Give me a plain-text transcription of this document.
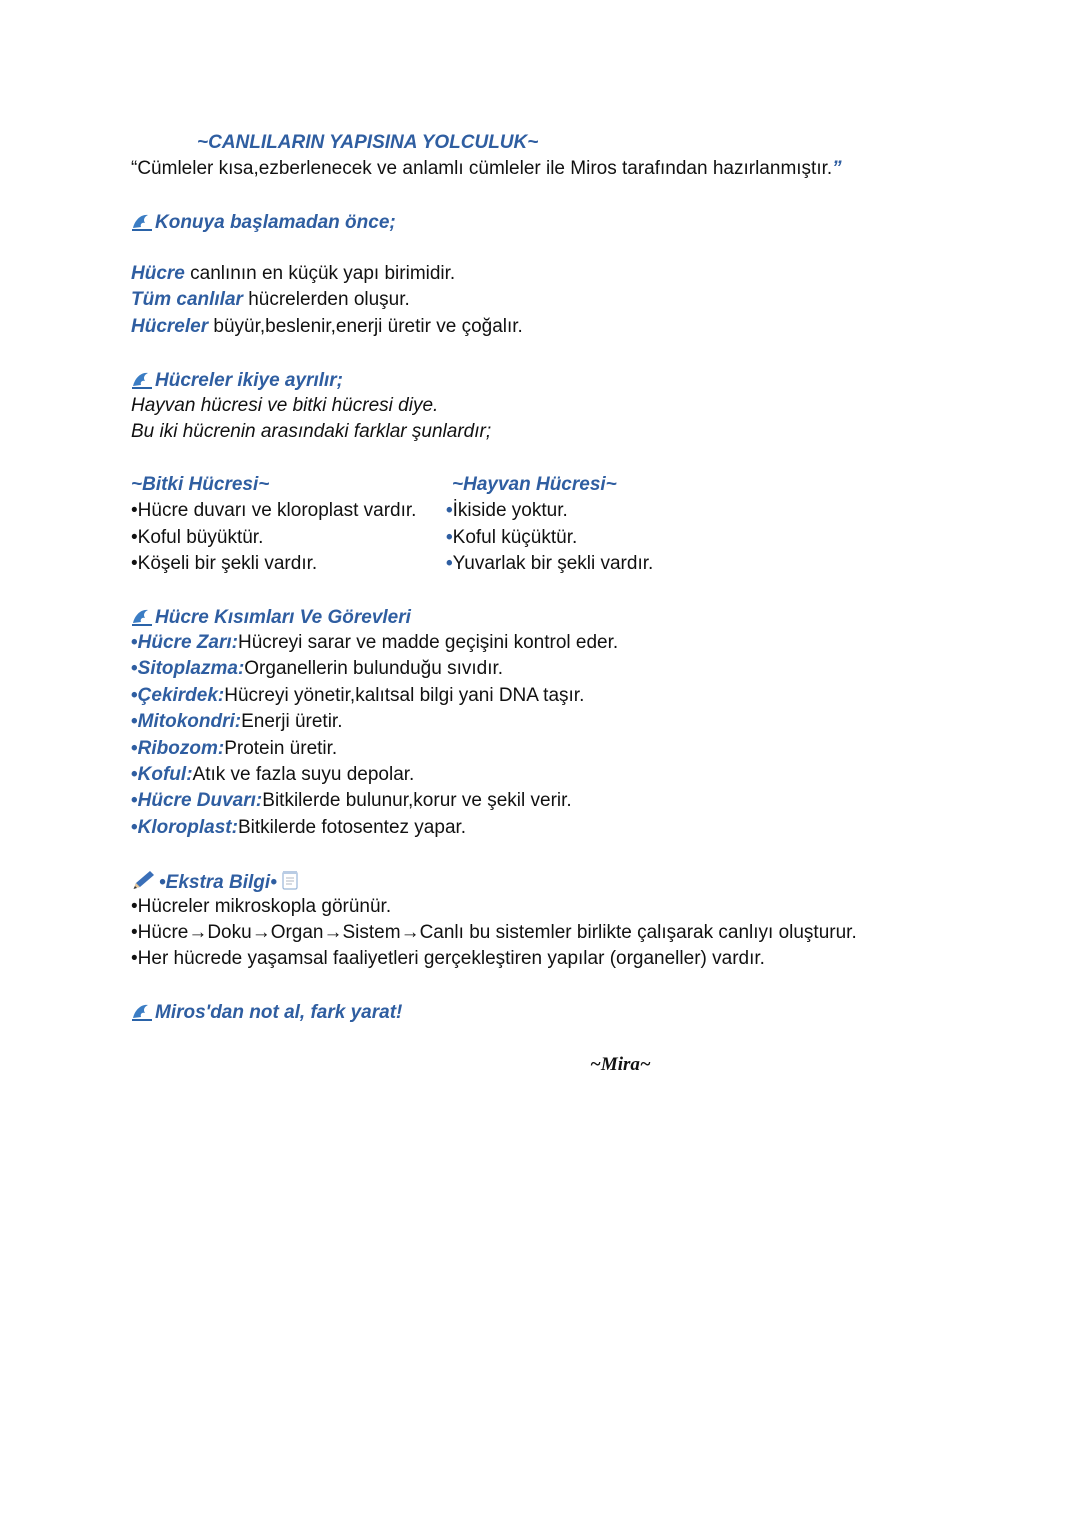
~CANLILARIN YAPISINA YOLCULUK~
“Cümleler kısa,ezberlenecek ve anlamlı cümleler ile Miros tarafından hazırlanmıştır.”
Konuya başlamadan önce;
Hücre canlının en küçük yapı birimidir.
Tüm canlılar hücrelerden oluşur.
Hücreler büyür,beslenir,enerji üretir ve çoğalır.
Hücreler ikiye ayrılır;
Hayvan hücresi ve bitki hücresi diye.
Bu iki hücrenin arasındaki farklar şunlardır;
~Bitki Hücresi~	~Hayvan Hücresi~
•Hücre duvarı ve kloroplast vardır.
•Koful büyüktür.
•Köşeli bir şekli vardır.
•İkiside yoktur.
•Koful küçüktür.
•Yuvarlak bir şekli vardır.
Hücre Kısımları Ve Görevleri
•Hücre Zarı:Hücreyi sarar ve madde geçişini kontrol eder.
•Sitoplazma:Organellerin bulunduğu sıvıdır.
•Çekirdek:Hücreyi yönetir,kalıtsal bilgi yani DNA taşır.
•Mitokondri:Enerji üretir.
•Ribozom:Protein üretir.
•Koful:Atık ve fazla suyu depolar.
•Hücre Duvarı:Bitkilerde bulunur,korur ve şekil verir.
•Kloroplast:Bitkilerde fotosentez yapar.
•Ekstra Bilgi•
•Hücreler mikroskopla görünür.
•Hücre→Doku→Organ→Sistem→Canlı bu sistemler birlikte çalışarak canlıyı oluşturur.
•Her hücrede yaşamsal faaliyetleri gerçekleştiren yapılar (organeller) vardır.
Miros'dan not al, fark yarat!
~Mira~
